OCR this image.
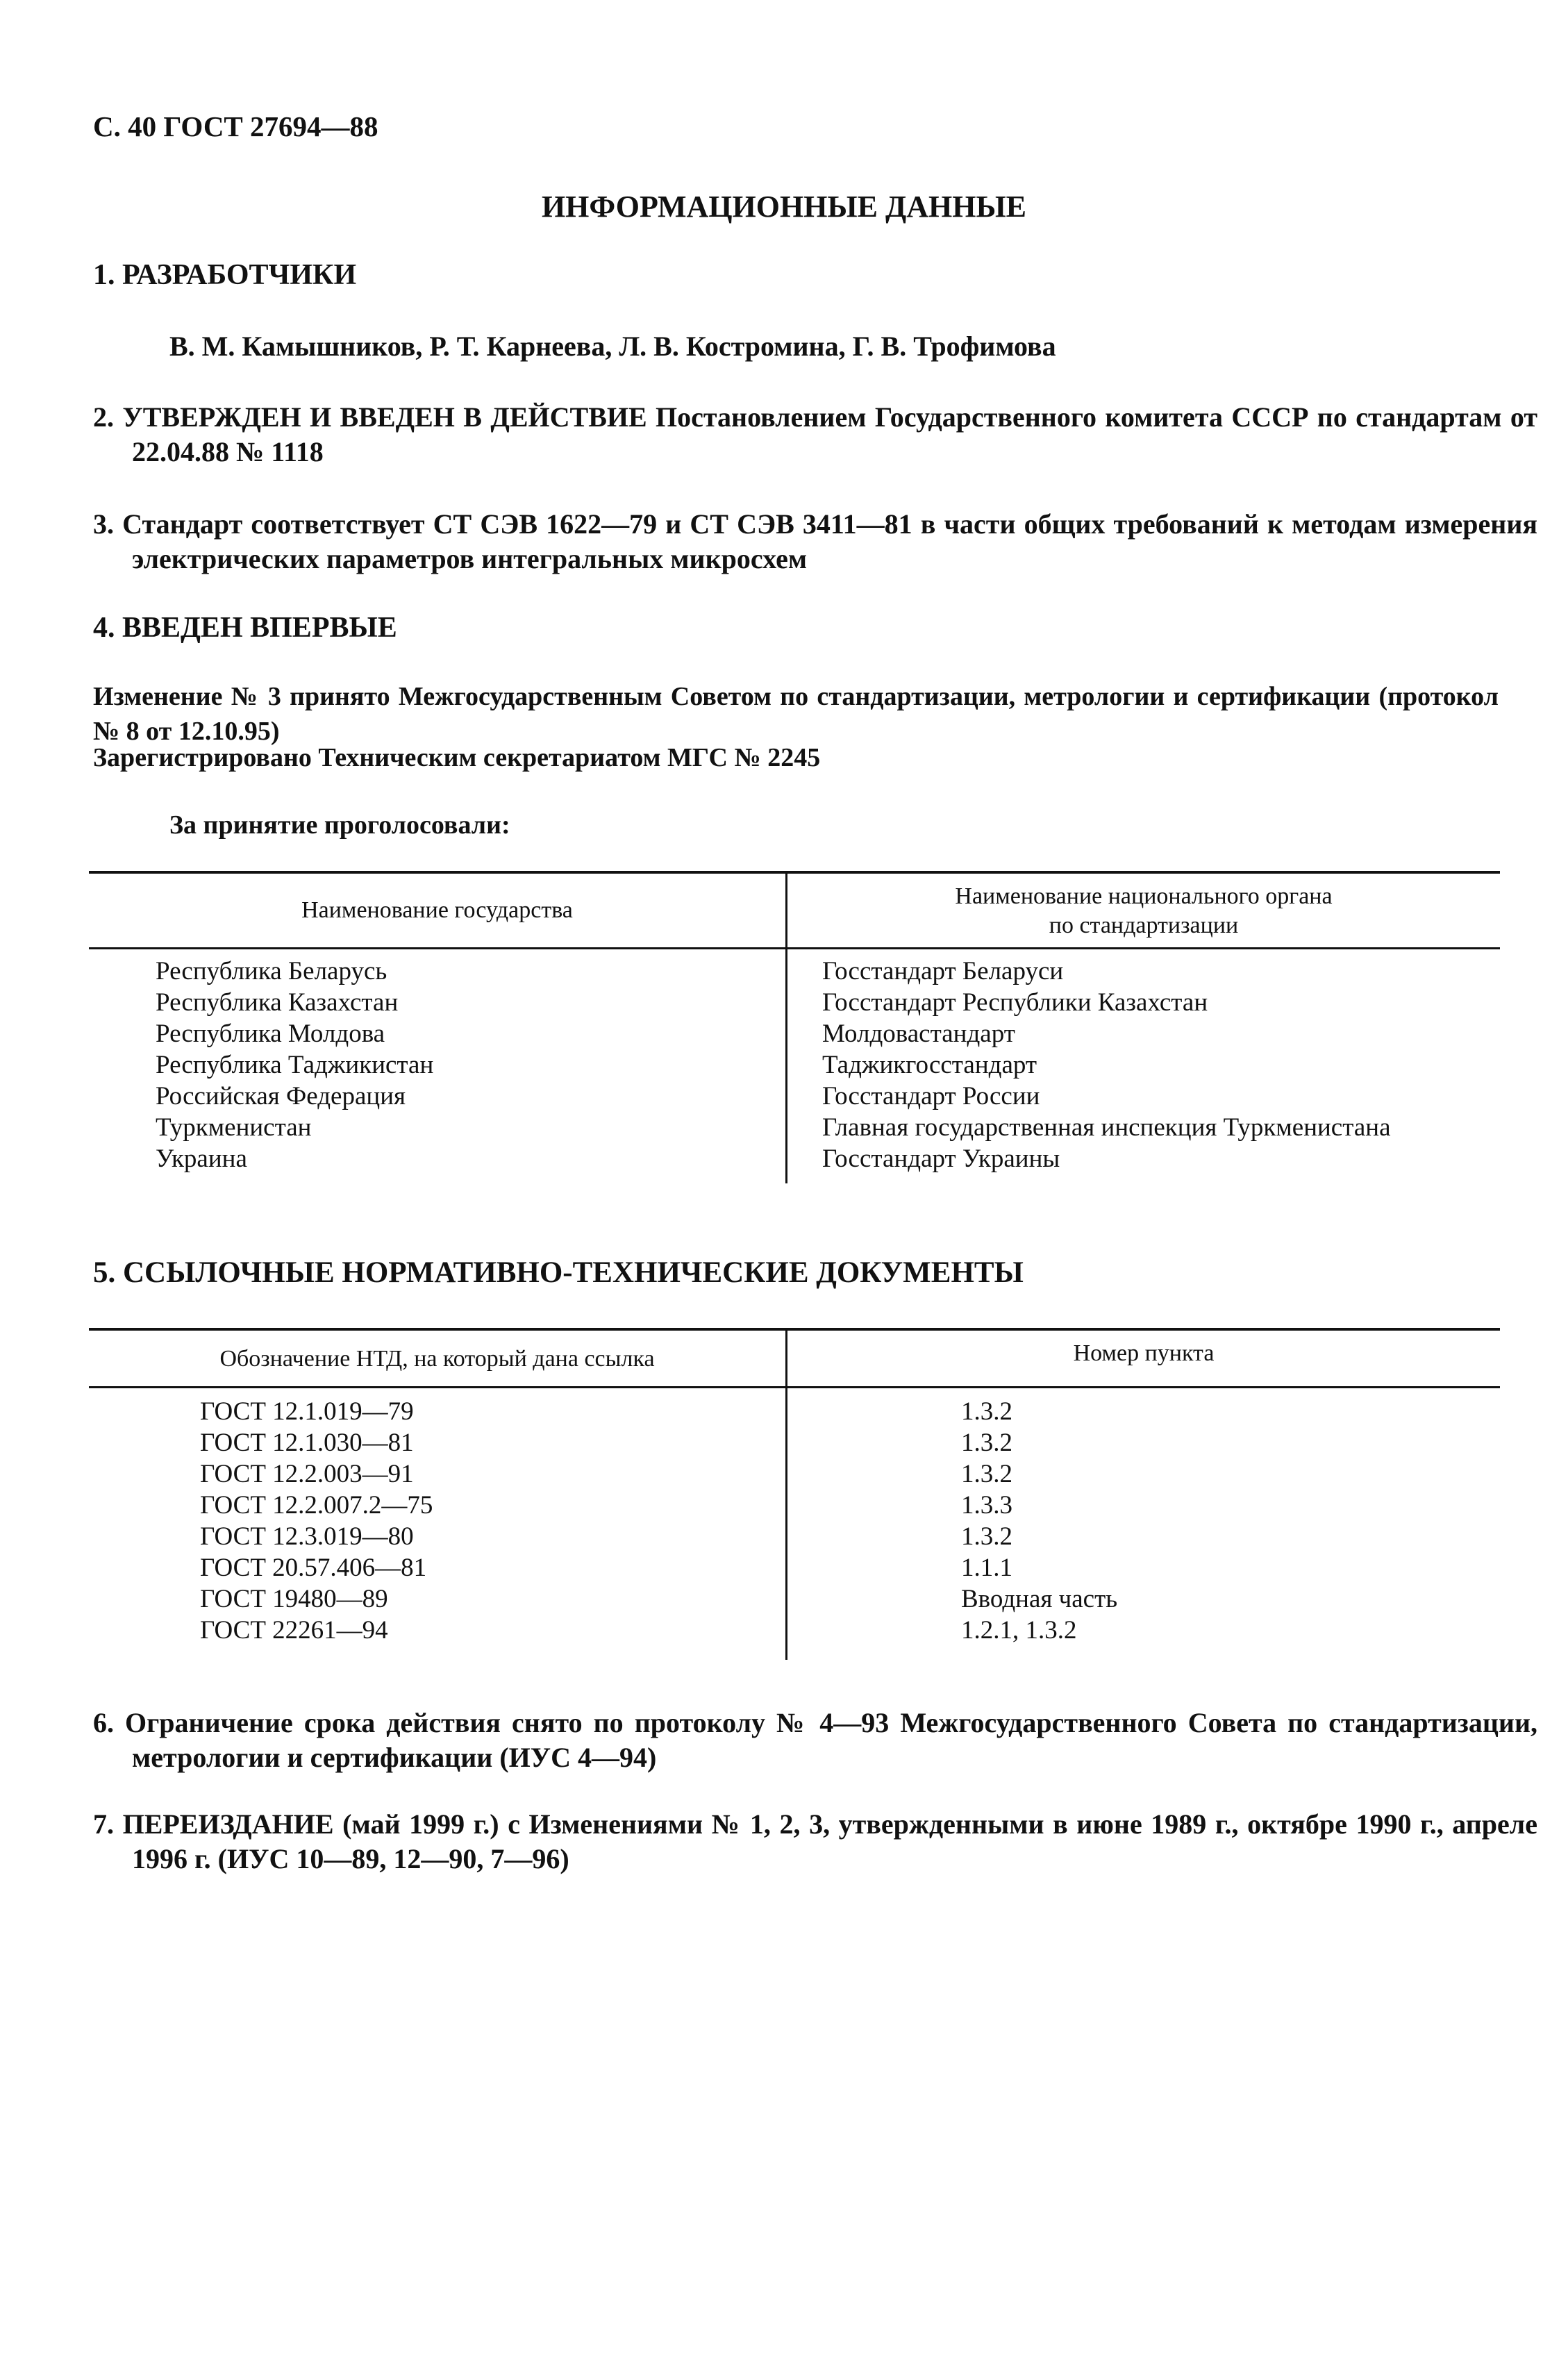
С. 40 ГОСТ 27694—88
ИНФОРМАЦИОННЫЕ ДАННЫЕ
1. РАЗРАБОТЧИКИ
В. М. Камышников, Р. Т. Карнеева, Л. В. Костромина, Г. В. Трофимова
2. УТВЕРЖДЕН И ВВЕДЕН В ДЕЙСТВИЕ Постановлением Государственного комитета СССР по стандартам от 22.04.88 № 1118
3. Стандарт соответствует СТ СЭВ 1622—79 и СТ СЭВ 3411—81 в части общих требований к методам измерения электрических параметров интегральных микросхем
4. ВВЕДЕН ВПЕРВЫЕ
Изменение № 3 принято Межгосударственным Советом по стандартизации, метрологии и сертификации (протокол № 8 от 12.10.95)
Зарегистрировано Техническим секретариатом МГС № 2245
За принятие проголосовали:
Наименование государства
Наименование национального органа
по стандартизации
Республика Беларусь
Республика Казахстан
Республика Молдова
Республика Таджикистан
Российская Федерация
Туркменистан
Украина
Госстандарт Беларуси
Госстандарт Республики Казахстан
Молдовастандарт
Таджикгосстандарт
Госстандарт России
Главная государственная инспекция Туркменистана
Госстандарт Украины
5. ССЫЛОЧНЫЕ НОРМАТИВНО-ТЕХНИЧЕСКИЕ ДОКУМЕНТЫ
Обозначение НТД, на который дана ссылка	Номер пункта
ГОСТ 12.1.019—79
ГОСТ 12.1.030—81
ГОСТ 12.2.003—91
ГОСТ 12.2.007.2—75
ГОСТ 12.3.019—80
ГОСТ 20.57.406—81
ГОСТ 19480—89
ГОСТ 22261—94
1.3.2
1.3.2
1.3.2
1.3.3
1.3.2
1.1.1
Вводная часть
1.2.1, 1.3.2
6. Ограничение срока действия снято по протоколу № 4—93 Межгосударственного Совета по стандартизации, метрологии и сертификации (ИУС 4—94)
7. ПЕРЕИЗДАНИЕ (май 1999 г.) с Изменениями № 1, 2, 3, утвержденными в июне 1989 г., октябре 1990 г., апреле 1996 г. (ИУС 10—89, 12—90, 7—96)
